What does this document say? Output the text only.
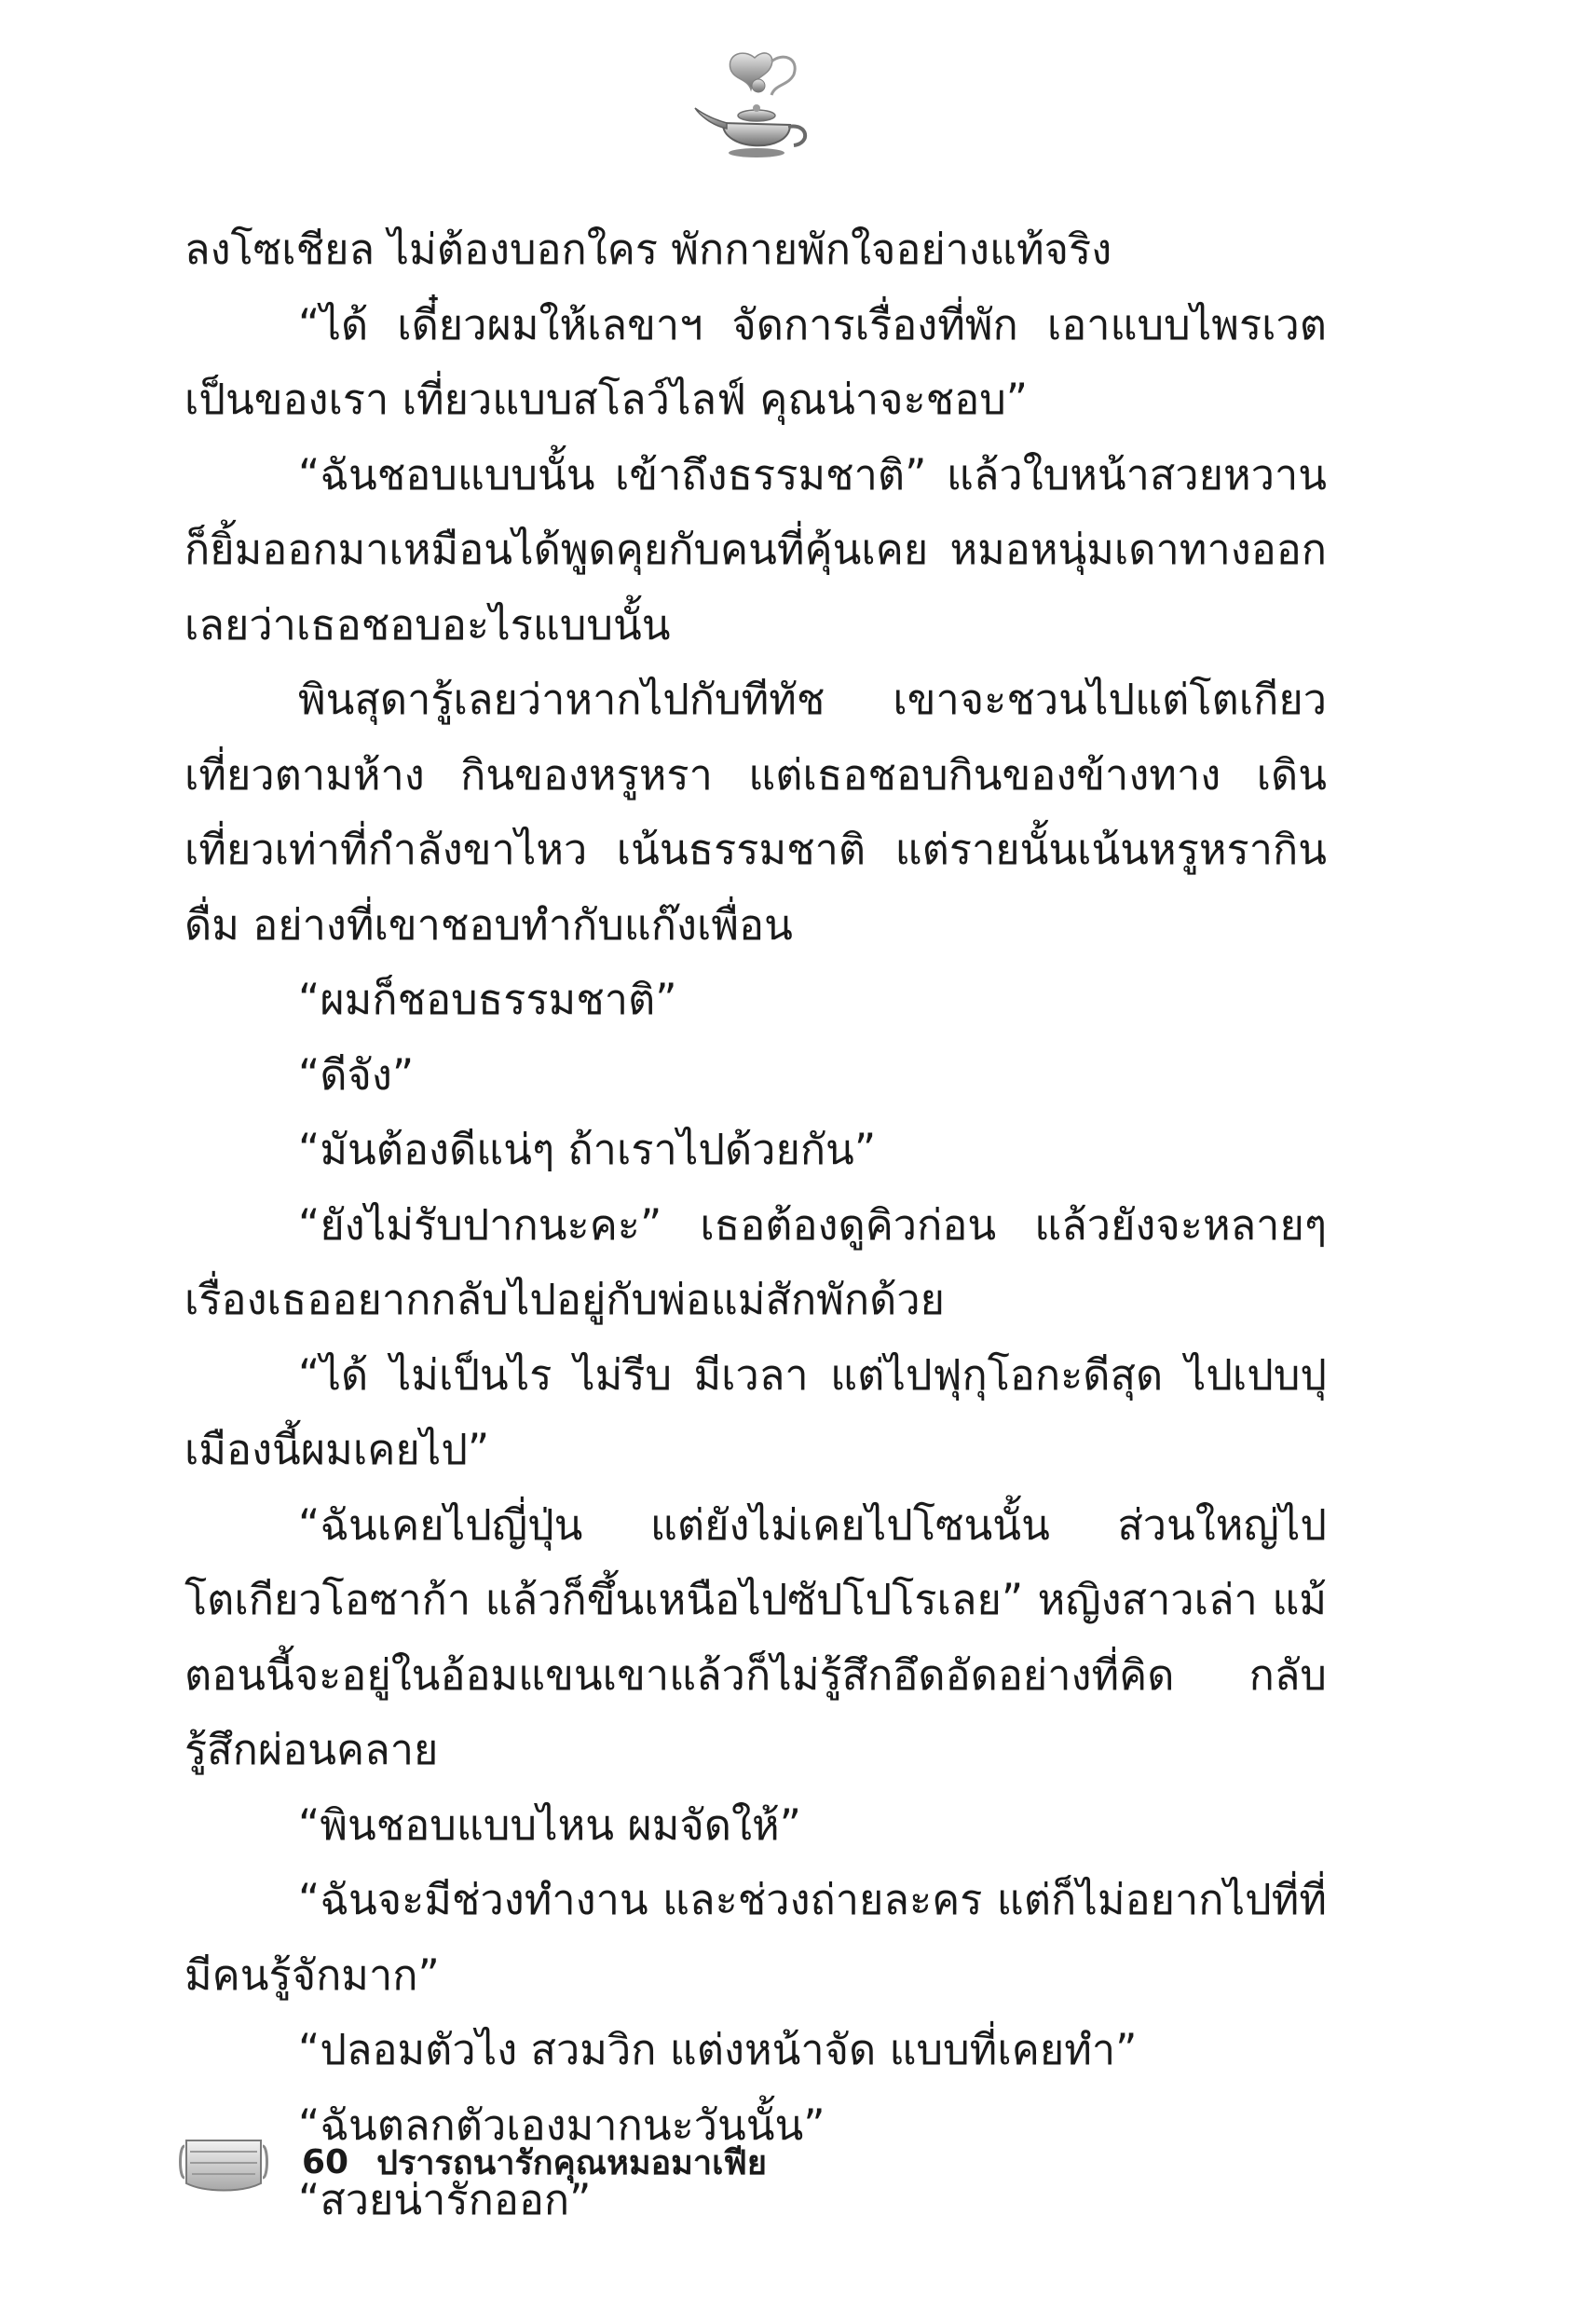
ลงโซเชียล ไม่ต้องบอกใคร พักกายพักใจอย่างแท้จริง

“ได้ เดี๋ยวผมให้เลขาฯ จัดการเรื่องที่พัก เอาแบบไพรเวตเป็นของเรา เที่ยวแบบสโลว์ไลฟ์ คุณน่าจะชอบ”

“ฉันชอบแบบนั้น เข้าถึงธรรมชาติ” แล้วใบหน้าสวยหวานก็ยิ้มออกมาเหมือนได้พูดคุยกับคนที่คุ้นเคย หมอหนุ่มเดาทางออกเลยว่าเธอชอบอะไรแบบนั้น

พินสุดารู้เลยว่าหากไปกับทีทัช เขาจะชวนไปแต่โตเกียว เที่ยวตามห้าง กินของหรูหรา แต่เธอชอบกินของข้างทาง เดินเที่ยวเท่าที่กำลังขาไหว เน้นธรรมชาติ แต่รายนั้นเน้นหรูหรากินดื่ม อย่างที่เขาชอบทำกับแก๊งเพื่อน

“ผมก็ชอบธรรมชาติ”

“ดีจัง”

“มันต้องดีแน่ๆ ถ้าเราไปด้วยกัน”

“ยังไม่รับปากนะคะ” เธอต้องดูคิวก่อน แล้วยังจะหลายๆ เรื่องเธออยากกลับไปอยู่กับพ่อแม่สักพักด้วย

“ได้ ไม่เป็นไร ไม่รีบ มีเวลา แต่ไปฟุกุโอกะดีสุด ไปเปบปุ เมืองนี้ผมเคยไป”

“ฉันเคยไปญี่ปุ่น แต่ยังไม่เคยไปโซนนั้น ส่วนใหญ่ไปโตเกียวโอซาก้า แล้วก็ขึ้นเหนือไปซัปโปโรเลย” หญิงสาวเล่า แม้ตอนนี้จะอยู่ในอ้อมแขนเขาแล้วก็ไม่รู้สึกอึดอัดอย่างที่คิด กลับรู้สึกผ่อนคลาย

“พินชอบแบบไหน ผมจัดให้”

“ฉันจะมีช่วงทำงาน และช่วงถ่ายละคร แต่ก็ไม่อยากไปที่ที่มีคนรู้จักมาก”

“ปลอมตัวไง สวมวิก แต่งหน้าจัด แบบที่เคยทำ”

“ฉันตลกตัวเองมากนะวันนั้น”

“สวยน่ารักออก”

60 ปรารถนารักคุณหมอมาเฟีย
